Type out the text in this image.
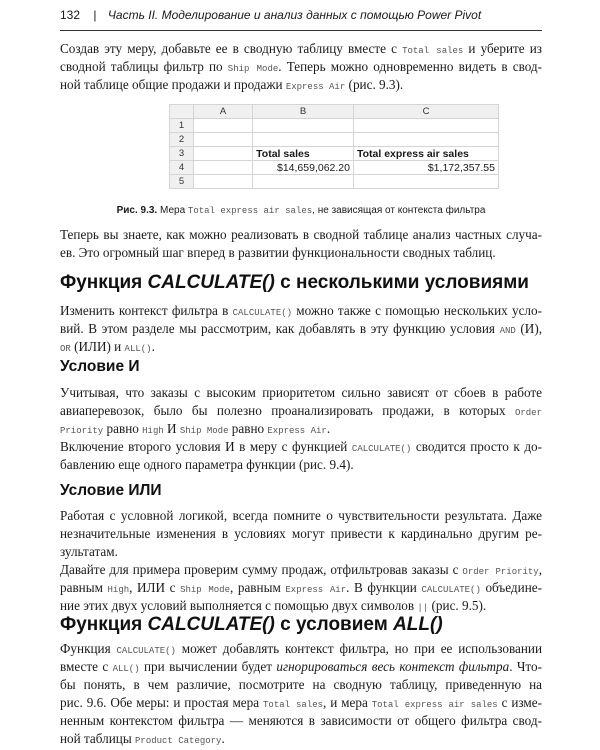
132 | Часть II. Моделирование и анализ данных с помощью Power Pivot
Создав эту меру, добавьте ее в сводную таблицу вместе с Total sales и уберите из
сводной таблицы фильтр по Ship Mode. Теперь можно одновременно видеть в свод-
ной таблице общие продажи и продажи Express Air (рис. 9.3).
	A	B	C
1			
2			
3		Total sales	Total express air sales
4		$14,659,062.20	$1,172,357.55
5			
Рис. 9.3. Мера Total express air sales, не зависящая от контекста фильтра
Теперь вы знаете, как можно реализовать в сводной таблице анализ частных случа-
ев. Это огромный шаг вперед в развитии функциональности сводных таблиц.
Функция CALCULATE() с несколькими условиями
Изменить контекст фильтра в CALCULATE() можно также с помощью нескольких усло-
вий. В этом разделе мы рассмотрим, как добавлять в эту функцию условия AND (И),
OR (ИЛИ) и ALL().
Условие И
Учитывая, что заказы с высоким приоритетом сильно зависят от сбоев в работе
авиаперевозок, было бы полезно проанализировать продажи, в которых Order
Priority равно High И Ship Mode равно Express Air.
Включение второго условия И в меру с функцией CALCULATE() сводится просто к до-
бавлению еще одного параметра функции (рис. 9.4).
Условие ИЛИ
Работая с условной логикой, всегда помните о чувствительности результата. Даже
незначительные изменения в условиях могут привести к кардинально другим ре-
зультатам.
Давайте для примера проверим сумму продаж, отфильтровав заказы с Order Priority,
равным High, ИЛИ с Ship Mode, равным Express Air. В функции CALCULATE() объедине-
ние этих двух условий выполняется с помощью двух символов || (рис. 9.5).
Функция CALCULATE() с условием ALL()
Функция CALCULATE() может добавлять контекст фильтра, но при ее использовании
вместе с ALL() при вычислении будет игнорироваться весь контекст фильтра. Что-
бы понять, в чем различие, посмотрите на сводную таблицу, приведенную на
рис. 9.6. Обе меры: и простая мера Total sales, и мера Total express air sales с изме-
ненным контекстом фильтра — меняются в зависимости от общего фильтра свод-
ной таблицы Product Category.
